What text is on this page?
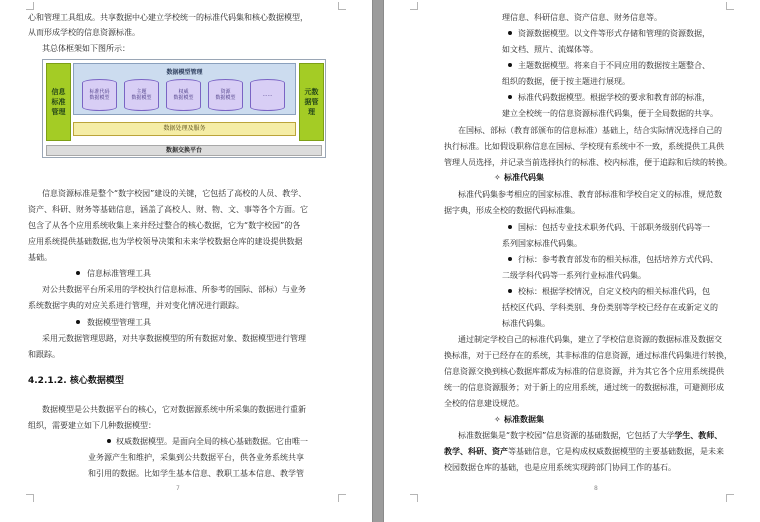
心和管理工具组成。共享数据中心建立学校统一的标准代码集和核心数据模型，
从而形成学校的信息资源标准。
其总体框架如下图所示：
信息标准管理
数据模型管理
标准代码
数据模型
主题
数据模型
权威
数据模型
资源
数据模型	……
数据处理及服务
元数据管理
数据交换平台
信息资源标准是整个“数字校园”建设的关键，它包括了高校的人员、教学、
资产、科研、财务等基础信息，涵盖了高校人、财、物、文、事等各个方面。它
包含了从各个应用系统收集上来并经过整合的核心数据，它为“数字校园”的各
应用系统提供基础数据,也为学校领导决策和未来学校数据仓库的建设提供数据
基础。
信息标准管理工具
对公共数据平台所采用的学校执行信息标准、所参考的国际、部标）与业务
系统数据字典的对应关系进行管理，并对变化情况进行跟踪。
数据模型管理工具
采用元数据管理思路，对共享数据模型的所有数据对象、数据模型进行管理
和跟踪。
4.2.1.2. 核心数据模型
数据模型是公共数据平台的核心，它对数据源系统中所采集的数据进行重新
组织，需要建立如下几种数据模型：
权威数据模型。是面向全局的核心基础数据。它由唯一
业务源产生和维护，采集到公共数据平台，供各业务系统共享
和引用的数据。比如学生基本信息、教职工基本信息、教学管
7
理信息、科研信息、资产信息、财务信息等。
资源数据模型。以文件等形式存储和管理的资源数据，
如文档、照片、流媒体等。
主题数据模型。将来自于不同应用的数据按主题整合、
组织的数据，便于按主题进行展现。
标准代码数据模型。根据学校的要求和教育部的标准，
建立全校统一的信息资源标准代码集，便于全局数据的共享。
在国标、部标（教育部颁布的信息标准）基础上，结合实际情况选择自己的
执行标准。比如假设职称信息在国标、学校现有系统中不一致，系统提供工具供
管理人员选择，并记录当前选择执行的标准、校内标准，便于追踪和后续的转换。
✧ 标准代码集
标准代码集参考相应的国家标准、教育部标准和学校自定义的标准，规范数
据字典，形成全校的数据代码标准集。
国标：包括专业技术职务代码、干部职务级别代码等一
系列国家标准代码集。
行标：参考教育部发布的相关标准，包括培养方式代码、
二级学科代码等一系列行业标准代码集。
校标：根据学校情况，自定义校内的相关标准代码，包
括校区代码、学科类别、身份类别等学校已经存在或新定义的
标准代码集。
通过制定学校自己的标准代码集，建立了学校信息资源的数据标准及数据交
换标准，对于已经存在的系统，其非标准的信息资源，通过标准代码集进行转换，
信息资源交换到核心数据库都成为标准的信息资源，并为其它各个应用系统提供
统一的信息资源服务；对于新上的应用系统，通过统一的数据标准，可避测形成
全校的信息建设规范。
✧ 标准数据集
标准数据集是“数字校园”信息资源的基础数据，它包括了大学学生、教师、
教学、科研、资产等基础信息，它是构成权威数据模型的主要基础数据，是未来
校园数据仓库的基础，也是应用系统实现跨部门协同工作的基石。
8
